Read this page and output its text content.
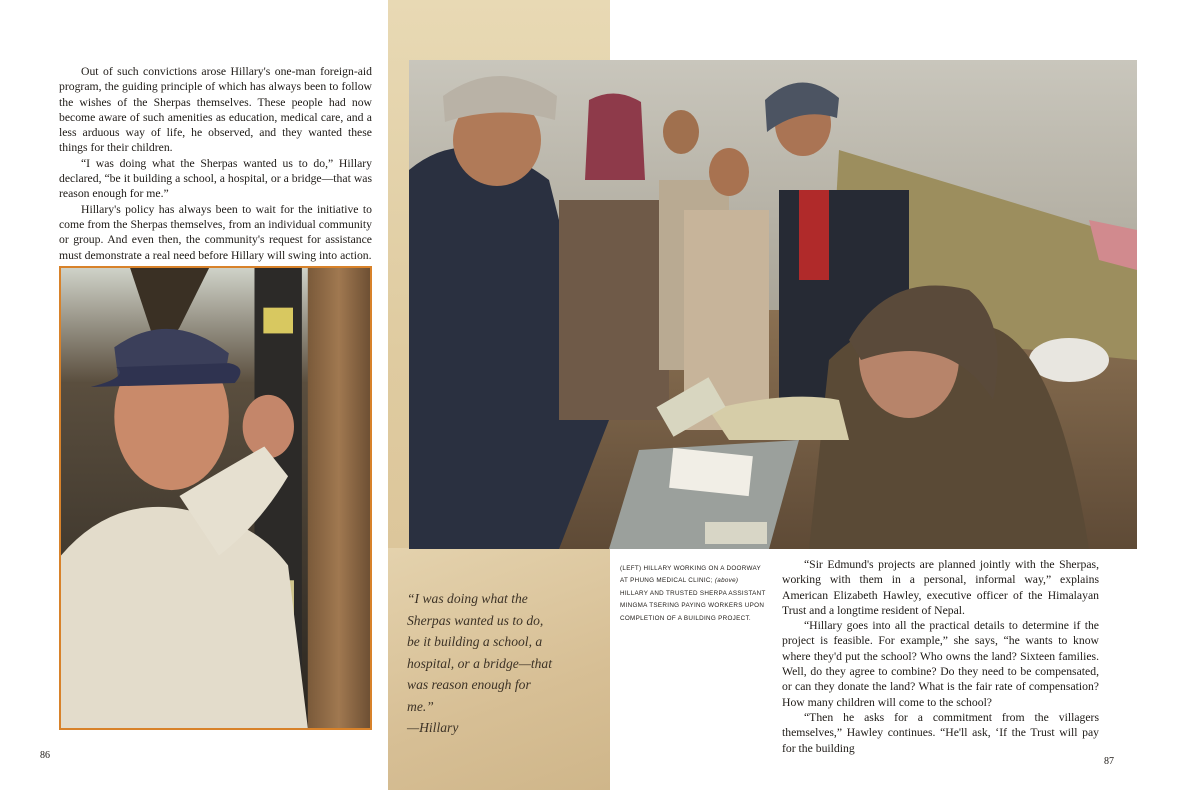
Out of such convictions arose Hillary's one-man foreign-aid program, the guiding principle of which has always been to follow the wishes of the Sherpas themselves. These people had now become aware of such amenities as education, medical care, and a less arduous way of life, he observed, and they wanted these things for their children.

“I was doing what the Sherpas wanted us to do,” Hillary declared, “be it building a school, a hospital, or a bridge—that was reason enough for me.”

Hillary's policy has always been to wait for the initiative to come from the Sherpas themselves, from an individual community or group. And even then, the community's request for assistance must demonstrate a real need before Hillary will swing into action.

(LEFT) HILLARY WORKING ON A DOORWAY AT PHUNG MEDICAL CLINIC; (above) HILLARY AND TRUSTED SHERPA ASSISTANT MINGMA TSERING PAYING WORKERS UPON COMPLETION OF A BUILDING PROJECT.
“I was doing what the Sherpas wanted us to do, be it building a school, a hospital, or a bridge—that was reason enough for me.”
—Hillary

“Sir Edmund's projects are planned jointly with the Sherpas, working with them in a personal, informal way,” explains American Elizabeth Hawley, executive officer of the Himalayan Trust and a longtime resident of Nepal.

“Hillary goes into all the practical details to determine if the project is feasible. For example,” she says, “he wants to know where they'd put the school? Who owns the land? Sixteen families. Well, do they agree to combine? Do they need to be compensated, or can they donate the land? What is the fair rate of compensation? How many children will come to the school?

“Then he asks for a commitment from the villagers themselves,” Hawley continues. “He'll ask, ‘If the Trust will pay for the building

86
87
